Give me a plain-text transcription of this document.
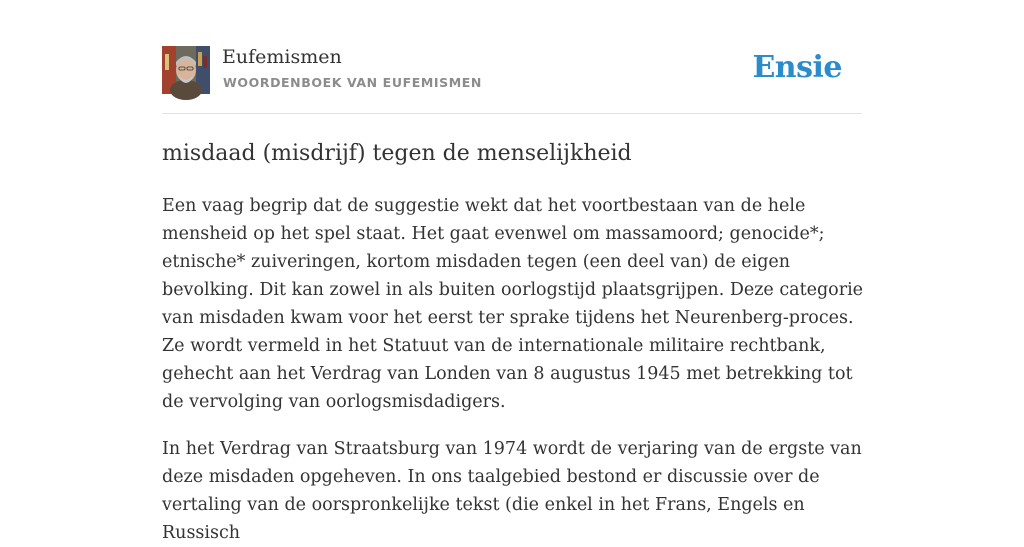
Eufemismen
WOORDENBOEK VAN EUFEMISMEN	Ensie
misdaad (misdrijf) tegen de menselijkheid

Een vaag begrip dat de suggestie wekt dat het voortbestaan van de hele mensheid op het spel staat. Het gaat evenwel om massamoord; genocide*; etnische* zuiveringen, kortom misdaden tegen (een deel van) de eigen bevolking. Dit kan zowel in als buiten oorlogstijd plaatsgrijpen. Deze categorie van misdaden kwam voor het eerst ter sprake tijdens het Neurenberg-proces. Ze wordt vermeld in het Statuut van de internationale militaire rechtbank, gehecht aan het Verdrag van Londen van 8 augustus 1945 met betrekking tot de vervolging van oorlogsmisdadigers.

In het Verdrag van Straatsburg van 1974 wordt de verjaring van de ergste van deze misdaden opgeheven. In ons taalgebied bestond er discussie over de vertaling van de oorspronkelijke tekst (die enkel in het Frans, Engels en Russisch
